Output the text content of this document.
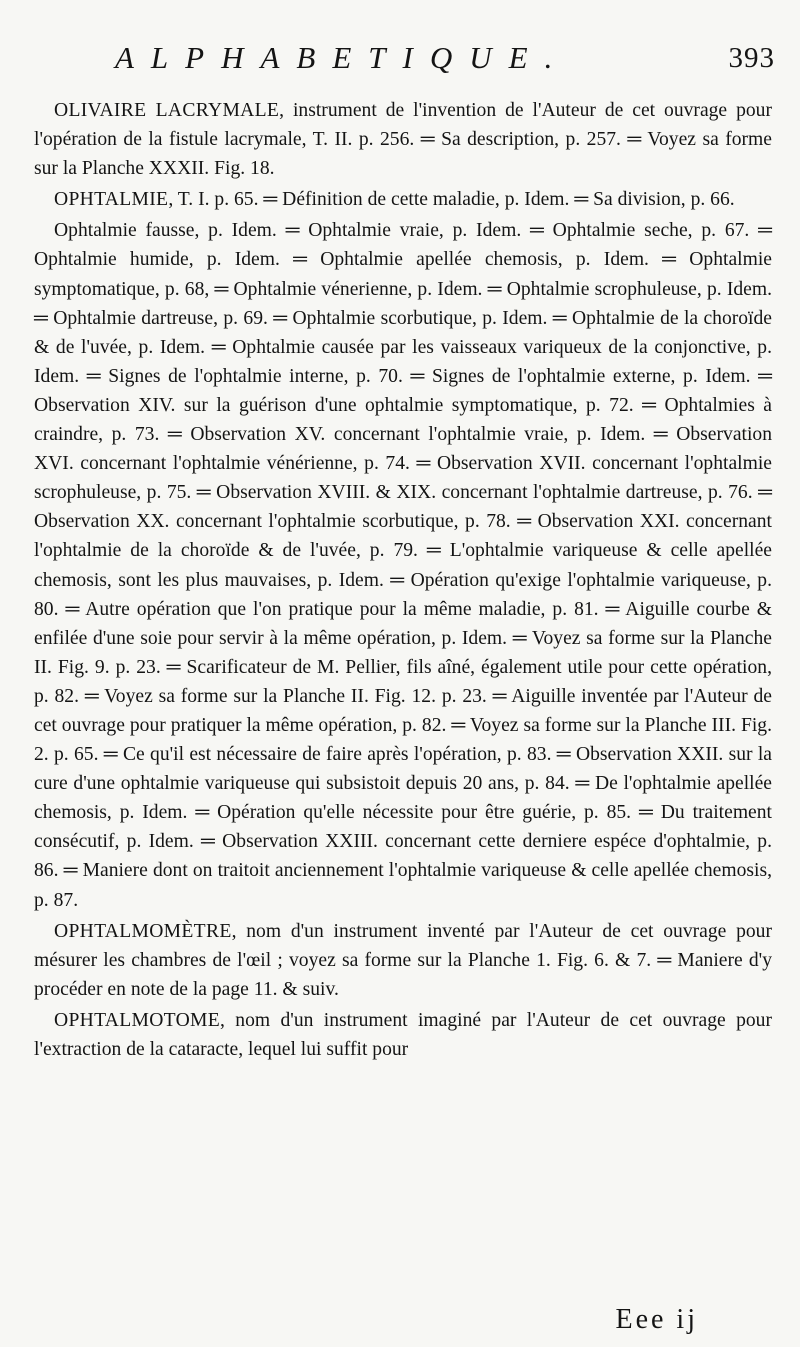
ALPHABETIQUE.	393

OLIVAIRE LACRYMALE, instrument de l'invention de l'Auteur de cet ouvrage pour l'opération de la fistule lacrymale, T. II. p. 256. ═ Sa description, p. 257. ═ Voyez sa forme sur la Planche XXXII. Fig. 18.

OPHTALMIE, T. I. p. 65. ═ Définition de cette maladie, p. Idem. ═ Sa division, p. 66.

Ophtalmie fausse, p. Idem. ═ Ophtalmie vraie, p. Idem. ═ Ophtalmie seche, p. 67. ═ Ophtalmie humide, p. Idem. ═ Ophtalmie apellée chemosis, p. Idem. ═ Ophtalmie symptomatique, p. 68, ═ Ophtalmie vénerienne, p. Idem. ═ Ophtalmie scrophuleuse, p. Idem. ═ Ophtalmie dartreuse, p. 69. ═ Ophtalmie scorbutique, p. Idem. ═ Ophtalmie de la choroïde & de l'uvée, p. Idem. ═ Ophtalmie causée par les vaisseaux variqueux de la conjonctive, p. Idem. ═ Signes de l'ophtalmie interne, p. 70. ═ Signes de l'ophtalmie externe, p. Idem. ═ Observation XIV. sur la guérison d'une ophtalmie symptomatique, p. 72. ═ Ophtalmies à craindre, p. 73. ═ Observation XV. concernant l'ophtalmie vraie, p. Idem. ═ Observation XVI. concernant l'ophtalmie vénérienne, p. 74. ═ Observation XVII. concernant l'ophtalmie scrophuleuse, p. 75. ═ Observation XVIII. & XIX. concernant l'ophtalmie dartreuse, p. 76. ═ Observation XX. concernant l'ophtalmie scorbutique, p. 78. ═ Observation XXI. concernant l'ophtalmie de la choroïde & de l'uvée, p. 79. ═ L'ophtalmie variqueuse & celle apellée chemosis, sont les plus mauvaises, p. Idem. ═ Opération qu'exige l'ophtalmie variqueuse, p. 80. ═ Autre opération que l'on pratique pour la même maladie, p. 81. ═ Aiguille courbe & enfilée d'une soie pour servir à la même opération, p. Idem. ═ Voyez sa forme sur la Planche II. Fig. 9. p. 23. ═ Scarificateur de M. Pellier, fils aîné, également utile pour cette opération, p. 82. ═ Voyez sa forme sur la Planche II. Fig. 12. p. 23. ═ Aiguille inventée par l'Auteur de cet ouvrage pour pratiquer la même opération, p. 82. ═ Voyez sa forme sur la Planche III. Fig. 2. p. 65. ═ Ce qu'il est nécessaire de faire après l'opération, p. 83. ═ Observation XXII. sur la cure d'une ophtalmie variqueuse qui subsistoit depuis 20 ans, p. 84. ═ De l'ophtalmie apellée chemosis, p. Idem. ═ Opération qu'elle nécessite pour être guérie, p. 85. ═ Du traitement consécutif, p. Idem. ═ Observation XXIII. concernant cette derniere espéce d'ophtalmie, p. 86. ═ Maniere dont on traitoit anciennement l'ophtalmie variqueuse & celle apellée chemosis, p. 87.

OPHTALMOMÈTRE, nom d'un instrument inventé par l'Auteur de cet ouvrage pour mésurer les chambres de l'œil ; voyez sa forme sur la Planche 1. Fig. 6. & 7. ═ Maniere d'y procéder en note de la page 11. & suiv.

OPHTALMOTOME, nom d'un instrument imaginé par l'Auteur de cet ouvrage pour l'extraction de la cataracte, lequel lui suffit pour

Eee ij
